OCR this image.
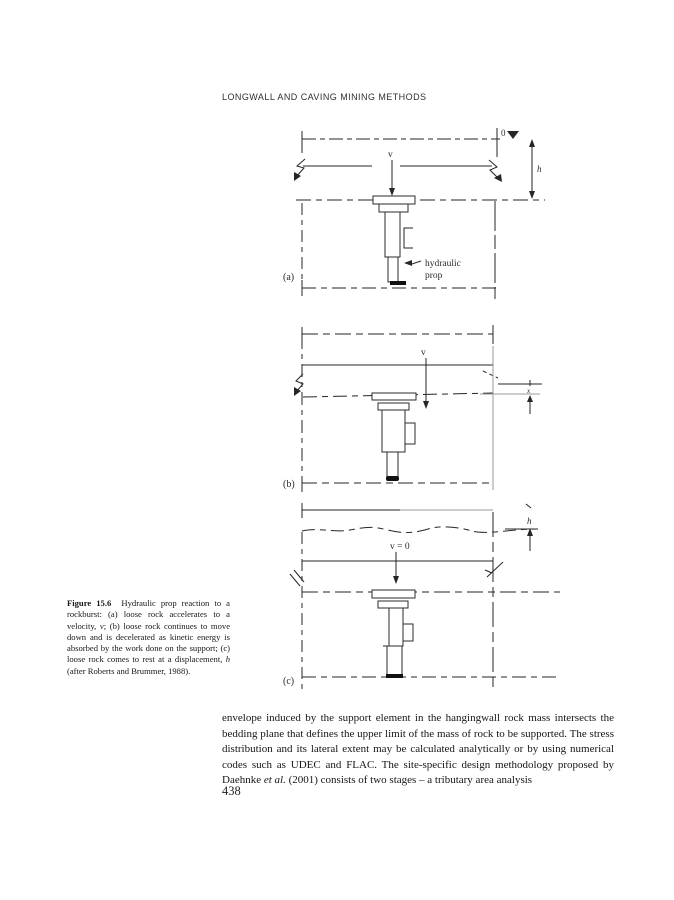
LONGWALL AND CAVING MINING METHODS
0
h
v
hydraulic
prop
(a)
v
x
(b)
h
v = 0
(c)
Figure 15.6  Hydraulic prop reaction to a rockburst: (a) loose rock accelerates to a velocity, v; (b) loose rock continues to move down and is decelerated as kinetic energy is absorbed by the work done on the support; (c) loose rock comes to rest at a displacement, h (after Roberts and Brummer, 1988).
envelope induced by the support element in the hangingwall rock mass intersects the bedding plane that defines the upper limit of the mass of rock to be supported. The stress distribution and its lateral extent may be calculated analytically or by using numerical codes such as UDEC and FLAC. The site-specific design methodology proposed by Daehnke et al. (2001) consists of two stages – a tributary area analysis
438
